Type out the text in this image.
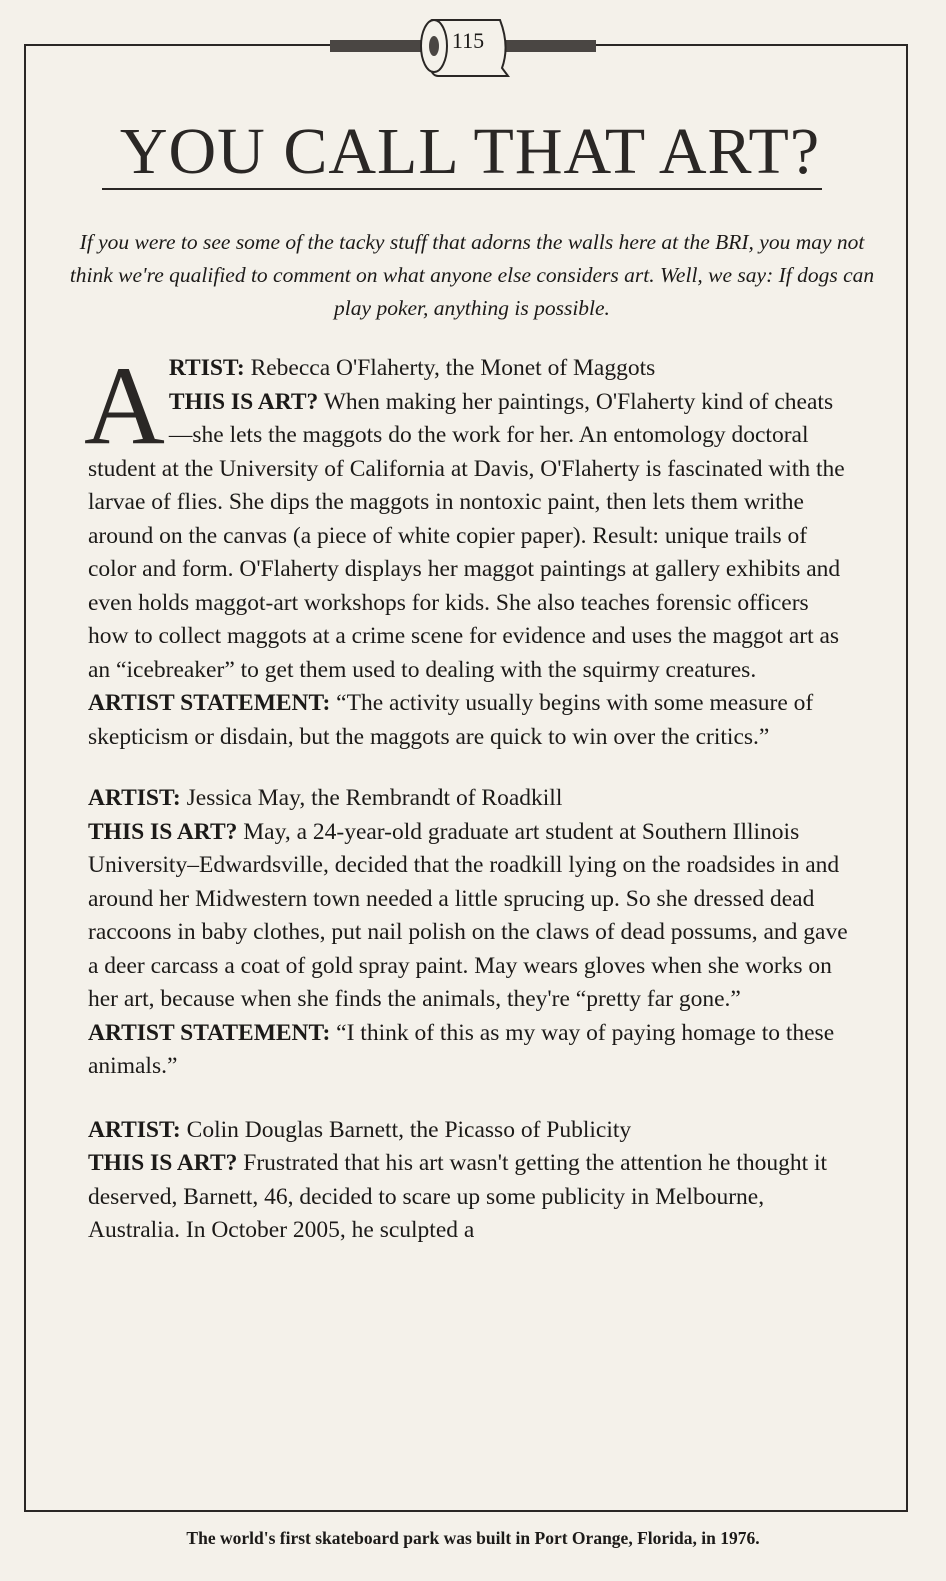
115
YOU CALL THAT ART?

If you were to see some of the tacky stuff that adorns the walls here at the BRI, you may not think we're qualified to comment on what anyone else considers art. Well, we say: If dogs can play poker, anything is possible.

A RTIST: Rebecca O'Flaherty, the Monet of Maggots

THIS IS ART? When making her paintings, O'Flaherty kind of cheats—she lets the maggots do the work for her. An entomology doctoral student at the University of California at Davis, O'Flaherty is fascinated with the larvae of flies. She dips the maggots in nontoxic paint, then lets them writhe around on the canvas (a piece of white copier paper). Result: unique trails of color and form. O'Flaherty displays her maggot paintings at gallery exhibits and even holds maggot-art workshops for kids. She also teaches forensic officers how to collect maggots at a crime scene for evidence and uses the maggot art as an “icebreaker” to get them used to dealing with the squirmy creatures.

ARTIST STATEMENT: “The activity usually begins with some measure of skepticism or disdain, but the maggots are quick to win over the critics.”

ARTIST: Jessica May, the Rembrandt of Roadkill

THIS IS ART? May, a 24-year-old graduate art student at Southern Illinois University–Edwardsville, decided that the roadkill lying on the roadsides in and around her Midwestern town needed a little sprucing up. So she dressed dead raccoons in baby clothes, put nail polish on the claws of dead possums, and gave a deer carcass a coat of gold spray paint. May wears gloves when she works on her art, because when she finds the animals, they're “pretty far gone.”

ARTIST STATEMENT: “I think of this as my way of paying homage to these animals.”

ARTIST: Colin Douglas Barnett, the Picasso of Publicity

THIS IS ART? Frustrated that his art wasn't getting the attention he thought it deserved, Barnett, 46, decided to scare up some publicity in Melbourne, Australia. In October 2005, he sculpted a

The world's first skateboard park was built in Port Orange, Florida, in 1976.
